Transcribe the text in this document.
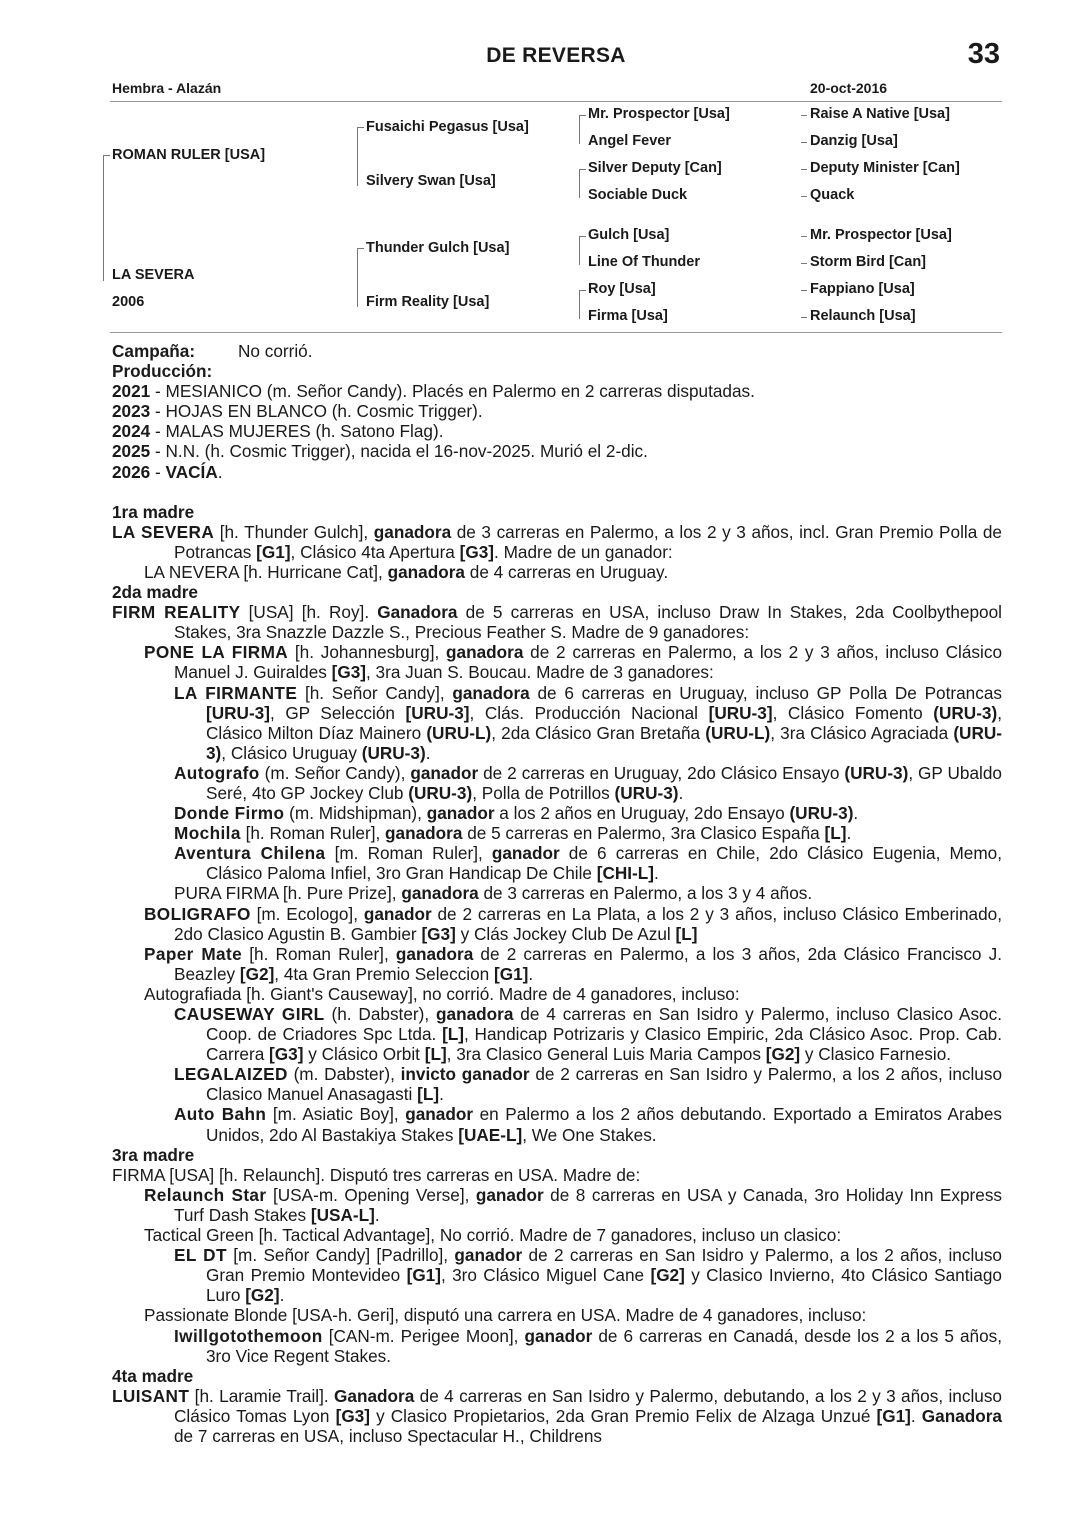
DE REVERSA	33
Hembra - Alazán	20-oct-2016
ROMAN RULER [USA]
LA SEVERA
2006
Fusaichi Pegasus [Usa]
Silvery Swan [Usa]
Thunder Gulch [Usa]
Firm Reality [Usa]
Mr. Prospector [Usa]
Angel Fever
Silver Deputy [Can]
Sociable Duck
Gulch [Usa]
Line Of Thunder
Roy [Usa]
Firma [Usa]
Raise A Native [Usa]
Danzig [Usa]
Deputy Minister [Can]
Quack
Mr. Prospector [Usa]
Storm Bird [Can]
Fappiano [Usa]
Relaunch [Usa]

Campaña: No corrió.

Producción:

2021 - MESIANICO (m. Señor Candy). Placés en Palermo en 2 carreras disputadas.

2023 - HOJAS EN BLANCO (h. Cosmic Trigger).

2024 - MALAS MUJERES (h. Satono Flag).

2025 - N.N. (h. Cosmic Trigger), nacida el 16-nov-2025. Murió el 2-dic.

2026 - VACÍA.

1ra madre

LA SEVERA [h. Thunder Gulch], ganadora de 3 carreras en Palermo, a los 2 y 3 años, incl. Gran Premio Polla de Potrancas [G1], Clásico 4ta Apertura [G3]. Madre de un ganador:

LA NEVERA [h. Hurricane Cat], ganadora de 4 carreras en Uruguay.

2da madre

FIRM REALITY [USA] [h. Roy]. Ganadora de 5 carreras en USA, incluso Draw In Stakes, 2da Coolbythepool Stakes, 3ra Snazzle Dazzle S., Precious Feather S. Madre de 9 ganadores:

PONE LA FIRMA [h. Johannesburg], ganadora de 2 carreras en Palermo, a los 2 y 3 años, incluso Clásico Manuel J. Guiraldes [G3], 3ra Juan S. Boucau. Madre de 3 ganadores:

LA FIRMANTE [h. Señor Candy], ganadora de 6 carreras en Uruguay, incluso GP Polla De Potrancas [URU-3], GP Selección [URU-3], Clás. Producción Nacional [URU-3], Clásico Fomento (URU-3), Clásico Milton Díaz Mainero (URU-L), 2da Clásico Gran Bretaña (URU-L), 3ra Clásico Agraciada (URU-3), Clásico Uruguay (URU-3).

Autografo (m. Señor Candy), ganador de 2 carreras en Uruguay, 2do Clásico Ensayo (URU-3), GP Ubaldo Seré, 4to GP Jockey Club (URU-3), Polla de Potrillos (URU-3).

Donde Firmo (m. Midshipman), ganador a los 2 años en Uruguay, 2do Ensayo (URU-3).

Mochila [h. Roman Ruler], ganadora de 5 carreras en Palermo, 3ra Clasico España [L].

Aventura Chilena [m. Roman Ruler], ganador de 6 carreras en Chile, 2do Clásico Eugenia, Memo, Clásico Paloma Infiel, 3ro Gran Handicap De Chile [CHI-L].

PURA FIRMA [h. Pure Prize], ganadora de 3 carreras en Palermo, a los 3 y 4 años.

BOLIGRAFO [m. Ecologo], ganador de 2 carreras en La Plata, a los 2 y 3 años, incluso Clásico Emberinado, 2do Clasico Agustin B. Gambier [G3] y Clás Jockey Club De Azul [L]

Paper Mate [h. Roman Ruler], ganadora de 2 carreras en Palermo, a los 3 años, 2da Clásico Francisco J. Beazley [G2], 4ta Gran Premio Seleccion [G1].

Autografiada [h. Giant's Causeway], no corrió. Madre de 4 ganadores, incluso:

CAUSEWAY GIRL (h. Dabster), ganadora de 4 carreras en San Isidro y Palermo, incluso Clasico Asoc. Coop. de Criadores Spc Ltda. [L], Handicap Potrizaris y Clasico Empiric, 2da Clásico Asoc. Prop. Cab. Carrera [G3] y Clásico Orbit [L], 3ra Clasico General Luis Maria Campos [G2] y Clasico Farnesio.

LEGALAIZED (m. Dabster), invicto ganador de 2 carreras en San Isidro y Palermo, a los 2 años, incluso Clasico Manuel Anasagasti [L].

Auto Bahn [m. Asiatic Boy], ganador en Palermo a los 2 años debutando. Exportado a Emiratos Arabes Unidos, 2do Al Bastakiya Stakes [UAE-L], We One Stakes.

3ra madre

FIRMA [USA] [h. Relaunch]. Disputó tres carreras en USA. Madre de:

Relaunch Star [USA-m. Opening Verse], ganador de 8 carreras en USA y Canada, 3ro Holiday Inn Express Turf Dash Stakes [USA-L].

Tactical Green [h. Tactical Advantage], No corrió. Madre de 7 ganadores, incluso un clasico:

EL DT [m. Señor Candy] [Padrillo], ganador de 2 carreras en San Isidro y Palermo, a los 2 años, incluso Gran Premio Montevideo [G1], 3ro Clásico Miguel Cane [G2] y Clasico Invierno, 4to Clásico Santiago Luro [G2].

Passionate Blonde [USA-h. Geri], disputó una carrera en USA. Madre de 4 ganadores, incluso:

Iwillgotothemoon [CAN-m. Perigee Moon], ganador de 6 carreras en Canadá, desde los 2 a los 5 años, 3ro Vice Regent Stakes.

4ta madre

LUISANT [h. Laramie Trail]. Ganadora de 4 carreras en San Isidro y Palermo, debutando, a los 2 y 3 años, incluso Clásico Tomas Lyon [G3] y Clasico Propietarios, 2da Gran Premio Felix de Alzaga Unzué [G1]. Ganadora de 7 carreras en USA, incluso Spectacular H., Childrens
